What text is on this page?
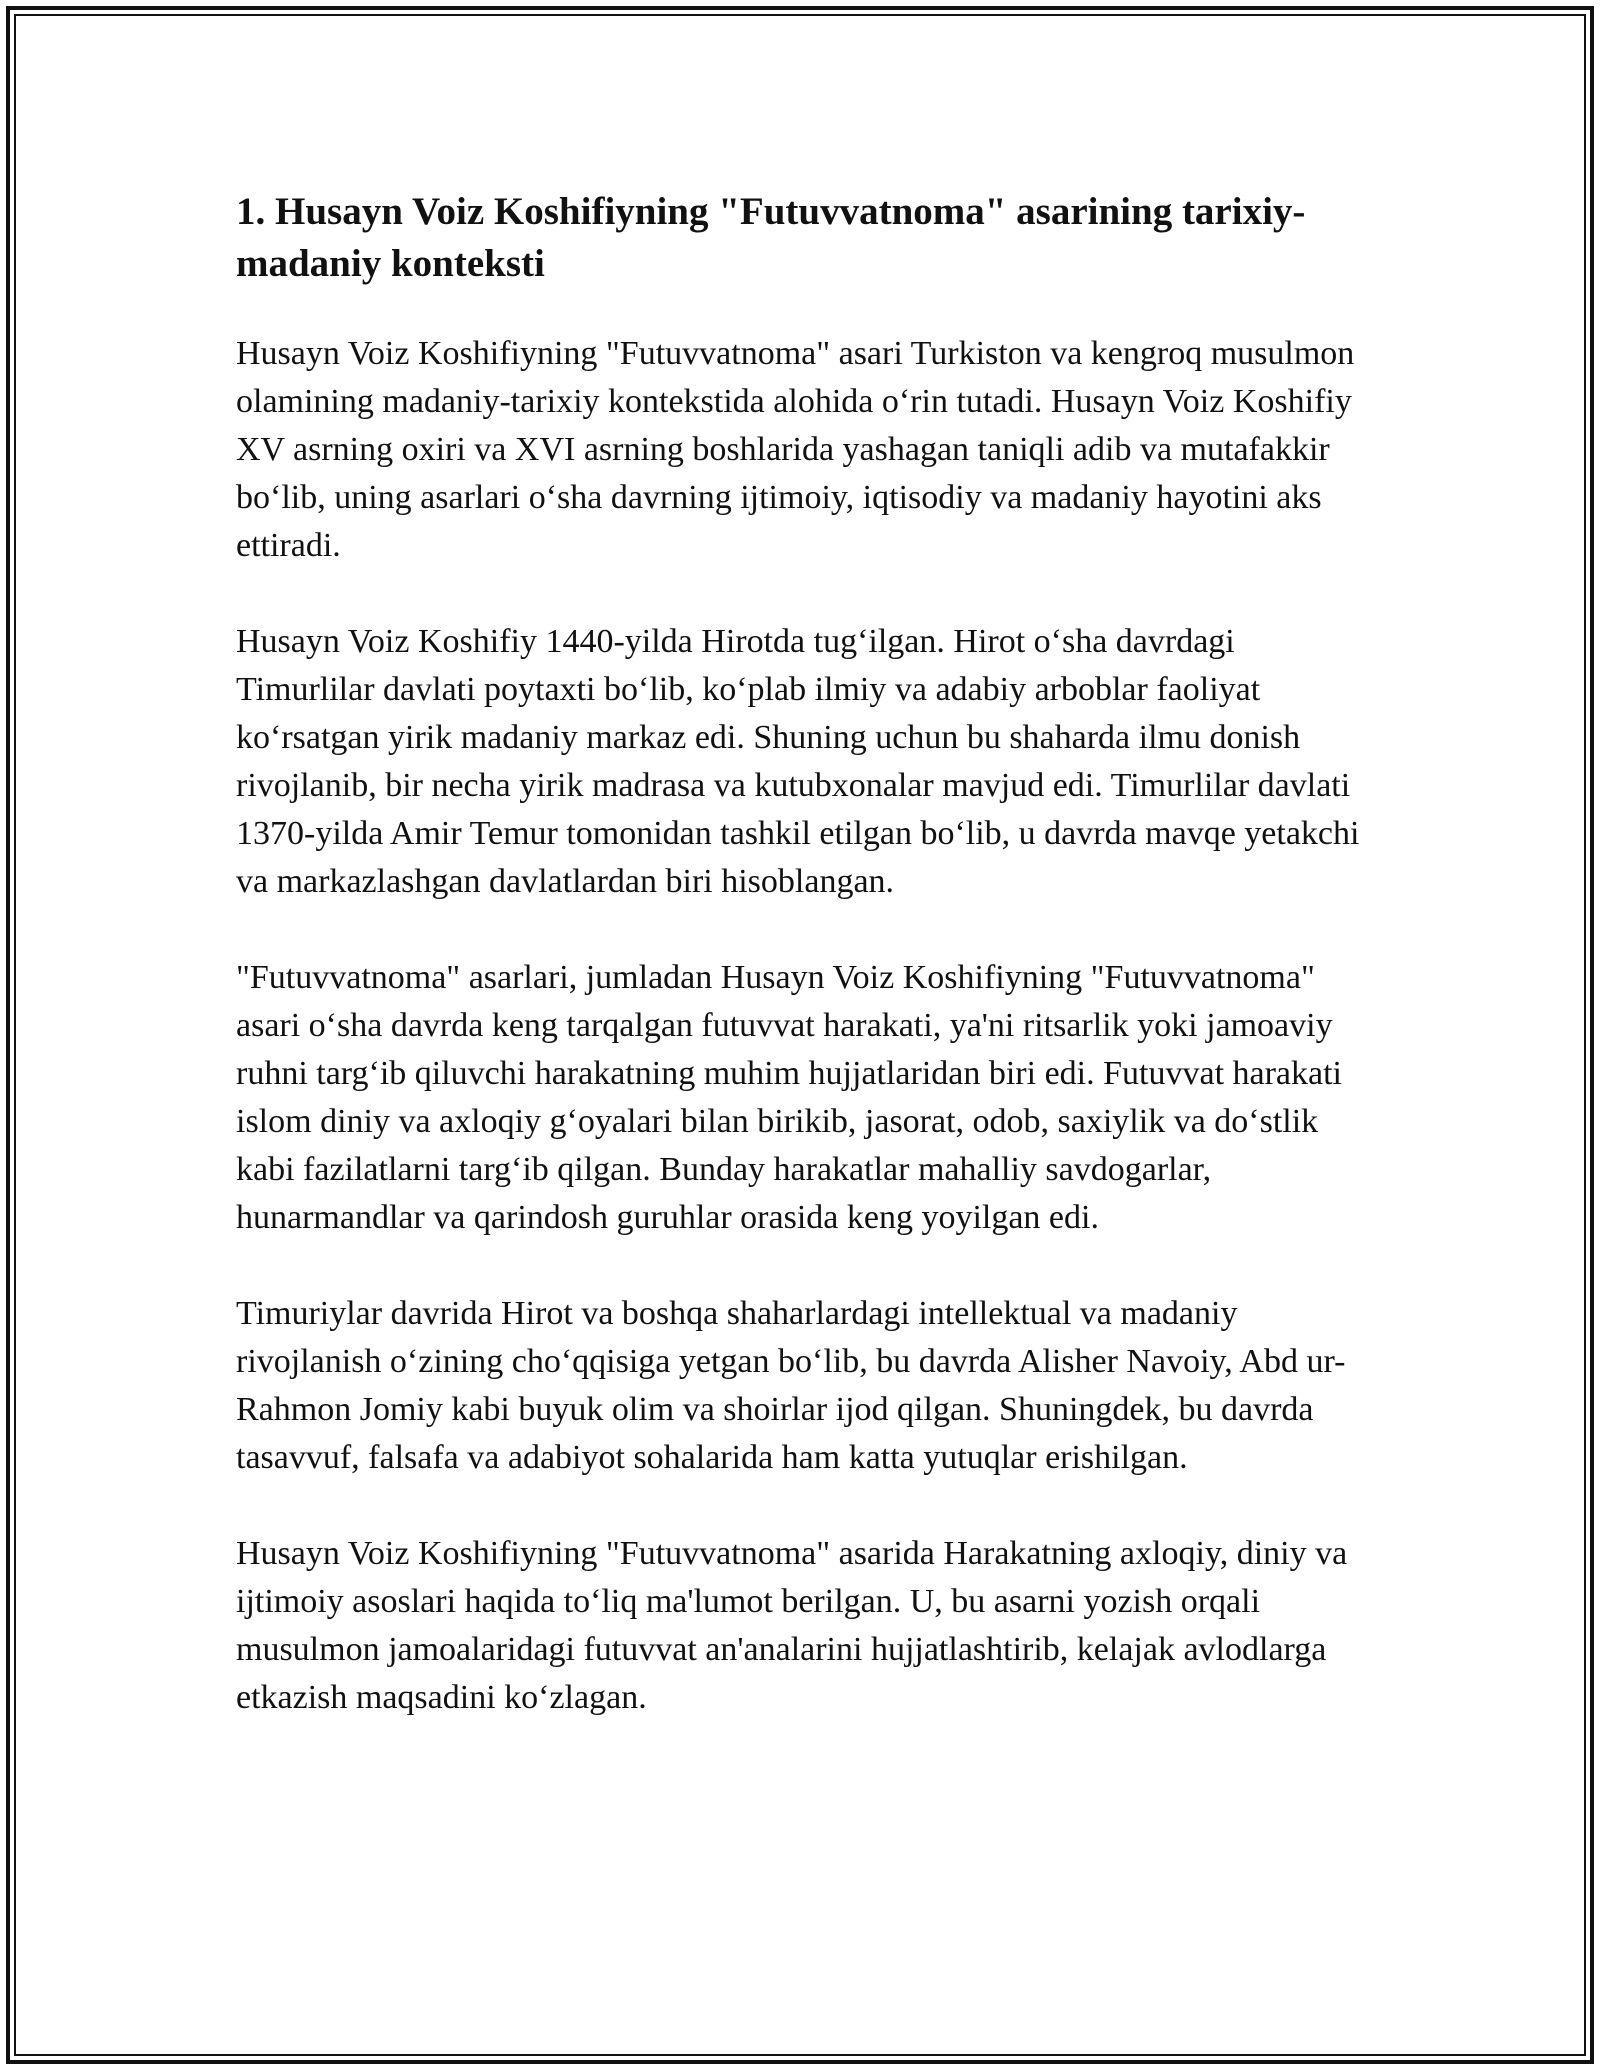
1. Husayn Voiz Koshifiyning "Futuvvatnoma" asarining tarixiy-madaniy konteksti

Husayn Voiz Koshifiyning "Futuvvatnoma" asari Turkiston va kengroq musulmon olamining madaniy-tarixiy kontekstida alohida o‘rin tutadi. Husayn Voiz Koshifiy XV asrning oxiri va XVI asrning boshlarida yashagan taniqli adib va mutafakkir bo‘lib, uning asarlari o‘sha davrning ijtimoiy, iqtisodiy va madaniy hayotini aks ettiradi.

Husayn Voiz Koshifiy 1440-yilda Hirotda tug‘ilgan. Hirot o‘sha davrdagi Timurlilar davlati poytaxti bo‘lib, ko‘plab ilmiy va adabiy arboblar faoliyat ko‘rsatgan yirik madaniy markaz edi. Shuning uchun bu shaharda ilmu donish rivojlanib, bir necha yirik madrasa va kutubxonalar mavjud edi. Timurlilar davlati 1370-yilda Amir Temur tomonidan tashkil etilgan bo‘lib, u davrda mavqe yetakchi va markazlashgan davlatlardan biri hisoblangan.

"Futuvvatnoma" asarlari, jumladan Husayn Voiz Koshifiyning "Futuvvatnoma" asari o‘sha davrda keng tarqalgan futuvvat harakati, ya'ni ritsarlik yoki jamoaviy ruhni targ‘ib qiluvchi harakatning muhim hujjatlaridan biri edi. Futuvvat harakati islom diniy va axloqiy g‘oyalari bilan birikib, jasorat, odob, saxiylik va do‘stlik kabi fazilatlarni targ‘ib qilgan. Bunday harakatlar mahalliy savdogarlar, hunarmandlar va qarindosh guruhlar orasida keng yoyilgan edi.

Timuriylar davrida Hirot va boshqa shaharlardagi intellektual va madaniy rivojlanish o‘zining cho‘qqisiga yetgan bo‘lib, bu davrda Alisher Navoiy, Abd ur-Rahmon Jomiy kabi buyuk olim va shoirlar ijod qilgan. Shuningdek, bu davrda tasavvuf, falsafa va adabiyot sohalarida ham katta yutuqlar erishilgan.

Husayn Voiz Koshifiyning "Futuvvatnoma" asarida Harakatning axloqiy, diniy va ijtimoiy asoslari haqida to‘liq ma'lumot berilgan. U, bu asarni yozish orqali musulmon jamoalaridagi futuvvat an'analarini hujjatlashtirib, kelajak avlodlarga etkazish maqsadini ko‘zlagan.
